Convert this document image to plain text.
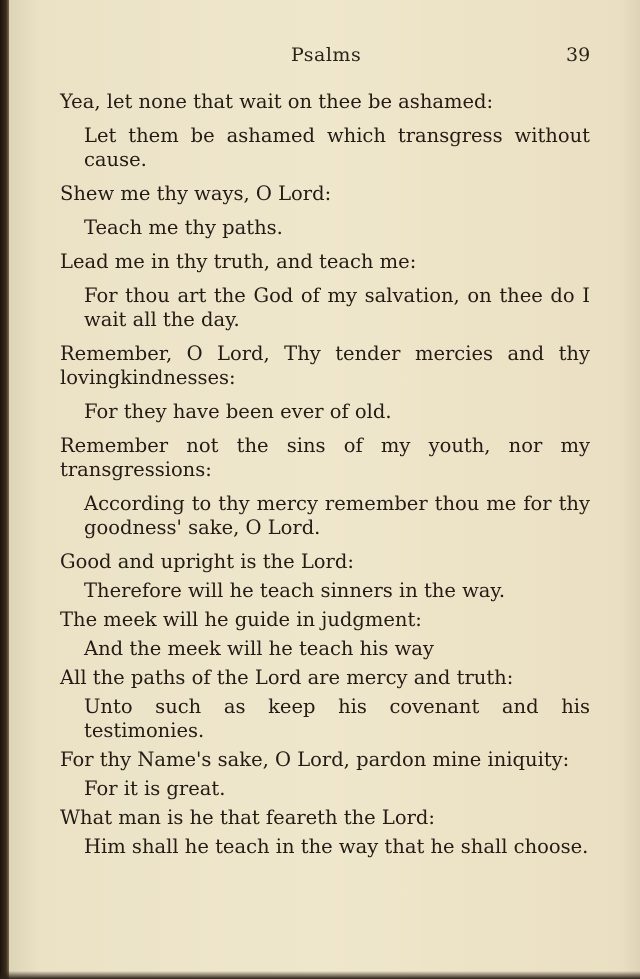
Psalms	39

Yea, let none that wait on thee be ashamed:

Let them be ashamed which transgress without cause.

Shew me thy ways, O Lord:

Teach me thy paths.

Lead me in thy truth, and teach me:

For thou art the God of my salvation, on thee do I wait all the day.

Remember, O Lord, Thy tender mercies and thy lovingkindnesses:

For they have been ever of old.

Remember not the sins of my youth, nor my transgressions:

According to thy mercy remember thou me for thy goodness' sake, O Lord.

Good and upright is the Lord:

Therefore will he teach sinners in the way.

The meek will he guide in judgment:

And the meek will he teach his way

All the paths of the Lord are mercy and truth:

Unto such as keep his covenant and his testimonies.

For thy Name's sake, O Lord, pardon mine iniquity:

For it is great.

What man is he that feareth the Lord:

Him shall he teach in the way that he shall choose.
